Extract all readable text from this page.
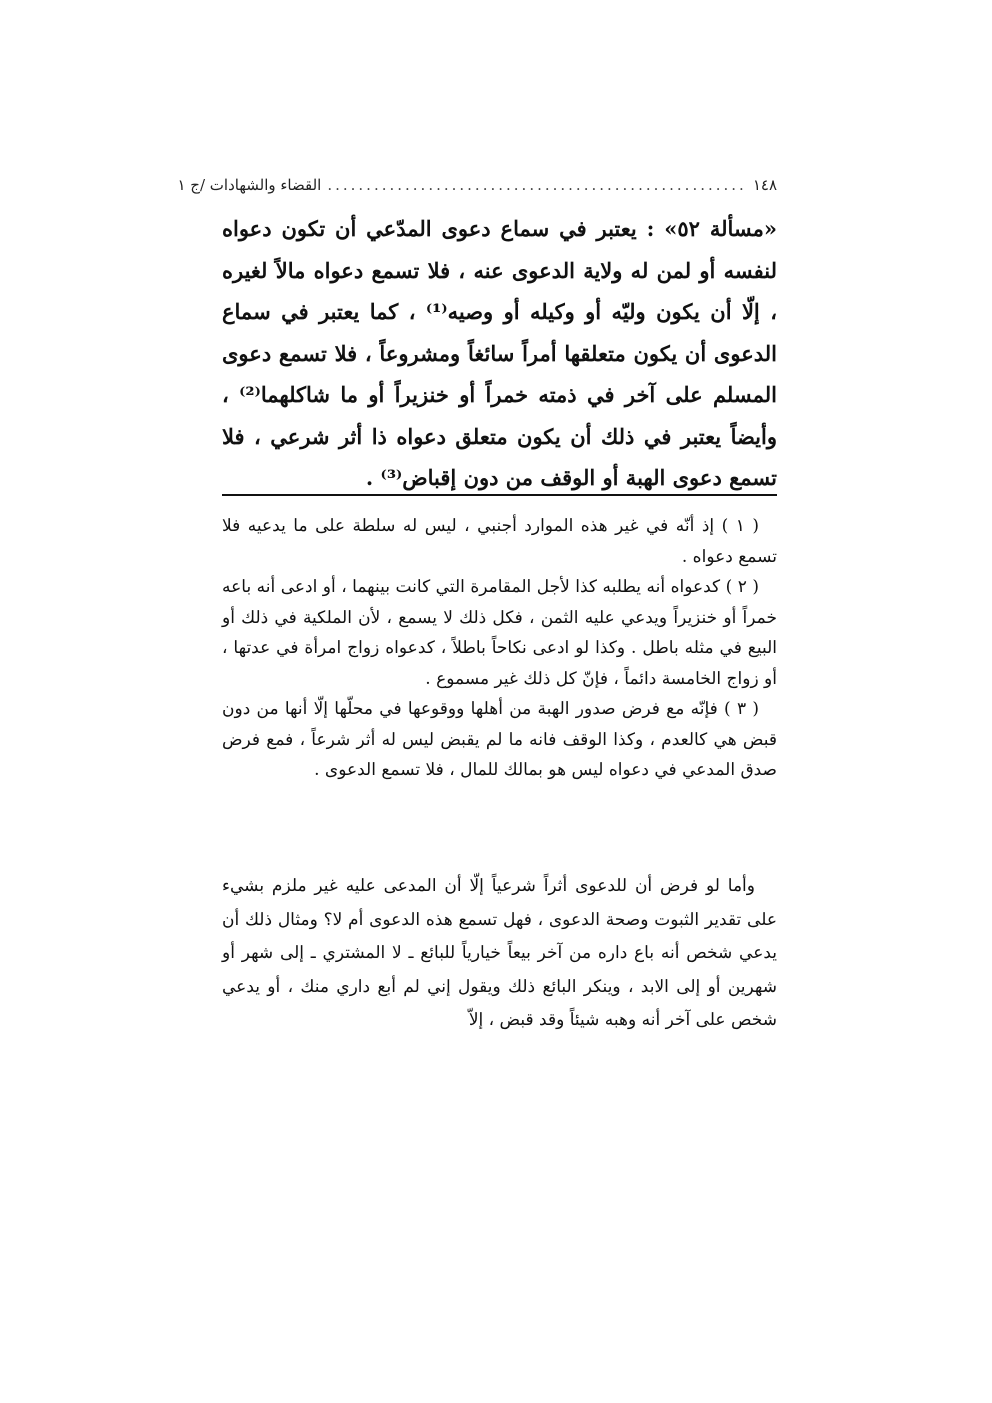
١٤٨
......................................................
القضاء والشهادات /ج ١

«مسألة ٥٢» : يعتبر في سماع دعوى المدّعي أن تكون دعواه لنفسه أو لمن له ولاية الدعوى عنه ، فلا تسمع دعواه مالاً لغيره ، إلّا أن يكون وليّه أو وكيله أو وصيه⁽¹⁾ ، كما يعتبر في سماع الدعوى أن يكون متعلقها أمراً سائغاً ومشروعاً ، فلا تسمع دعوى المسلم على آخر في ذمته خمراً أو خنزيراً أو ما شاكلهما⁽²⁾ ، وأيضاً يعتبر في ذلك أن يكون متعلق دعواه ذا أثر شرعي ، فلا تسمع دعوى الهبة أو الوقف من دون إقباض⁽³⁾ .

( ١ ) إذ أنّه في غير هذه الموارد أجنبي ، ليس له سلطة على ما يدعيه فلا تسمع دعواه .

( ٢ ) كدعواه أنه يطلبه كذا لأجل المقامرة التي كانت بينهما ، أو ادعى أنه باعه خمراً أو خنزيراً ويدعي عليه الثمن ، فكل ذلك لا يسمع ، لأن الملكية في ذلك أو البيع في مثله باطل . وكذا لو ادعى نكاحاً باطلاً ، كدعواه زواج امرأة في عدتها ، أو زواج الخامسة دائماً ، فإنّ كل ذلك غير مسموع .

( ٣ ) فإنّه مع فرض صدور الهبة من أهلها ووقوعها في محلّها إلّا أنها من دون قبض هي كالعدم ، وكذا الوقف فانه ما لم يقبض ليس له أثر شرعاً ، فمع فرض صدق المدعي في دعواه ليس هو بمالك للمال ، فلا تسمع الدعوى .

وأما لو فرض أن للدعوى أثراً شرعياً إلّا أن المدعى عليه غير ملزم بشيء على تقدير الثبوت وصحة الدعوى ، فهل تسمع هذه الدعوى أم لا؟ ومثال ذلك أن يدعي شخص أنه باع داره من آخر بيعاً خيارياً للبائع ـ لا المشتري ـ إلى شهر أو شهرين أو إلى الابد ، وينكر البائع ذلك ويقول إني لم أبع داري منك ، أو يدعي شخص على آخر أنه وهبه شيئاً وقد قبض ، إلاّ
